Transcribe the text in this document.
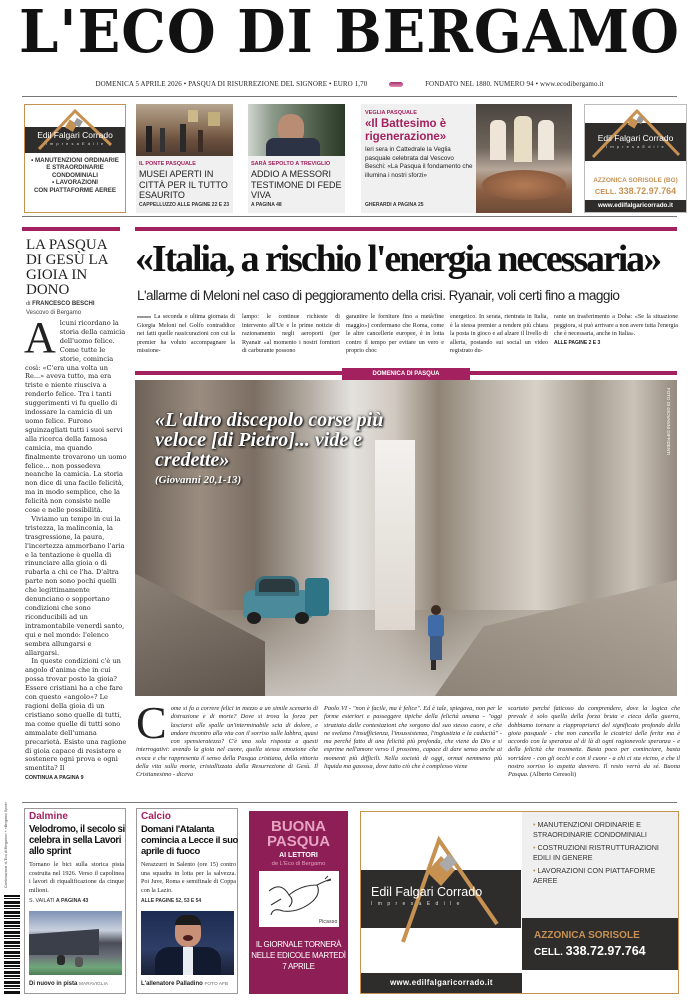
L'ECO DI BERGAMO
DOMENICA 5 APRILE 2026 • PASQUA DI RISURREZIONE DEL SIGNORE • EURO 1,70	FONDATO NEL 1880. NUMERO 94 • www.ecodibergamo.it
Edil Falgari Corrado
I m p r e s a E d i l e
• MANUTENZIONI ORDINARIE
E STRAORDINARIE CONDOMINIALI
• LAVORAZIONI
CON PIATTAFORME AEREE
IL PONTE PASQUALE
MUSEI APERTI IN CITTÀ PER IL TUTTO ESAURITO
CAPPELLUZZO ALLE PAGINE 22 E 23
SARÀ SEPOLTO A TREVIGLIO
ADDIO A MESSORI TESTIMONE DI FEDE VIVA
A PAGINA 48
VEGLIA PASQUALE
«Il Battesimo è rigenerazione»
Ieri sera in Cattedrale la Veglia pasquale celebrata dal Vescovo Beschi: «La Pasqua il fondamento che illumina i nostri sforzi»
GHERARDI A PAGINA 25
Edil Falgari Corrado
I m p r e s a E d i l e
AZZONICA SORISOLE (BG)
CELL. 338.72.97.764
www.edilfalgaricorrado.it
LA PASQUA DI GESÙ LA GIOIA IN DONO
di FRANCESCO BESCHI
Vescovo di Bergamo
A lcuni ricordano la storia della camicia dell'uomo felice. Come tutte le storie, comincia così: «C'era una volta un Re...» aveva tutto, ma era triste e niente riusciva a renderlo felice. Tra i tanti suggerimenti vi fu quello di indossare la camicia di un uomo felice. Furono sguinzagliati tutti i suoi servi alla ricerca della famosa camicia, ma quando finalmente trovarono un uomo felice... non possedeva neanche la camicia. La storia non dice di una facile felicità, ma in modo semplice, che la felicità non consiste nelle cose e nelle possibilità.
Viviamo un tempo in cui la tristezza, la malinconia, la trasgressione, la paura, l'incertezza ammorbano l'aria e la tentazione è quella di rinunciare alla gioia o di rubarla a chi ce l'ha. D'altra parte non sono pochi quelli che legittimamente denunciano o sopportano condizioni che sono riconducibili ad un intramontabile venerdì santo, qui e nel mondo: l'elenco sembra allungarsi e allargarsi.
In queste condizioni c'è un angolo d'anima che in cui possa trovar posto la gioia? Essere cristiani ha a che fare con questo «angolo»? Le ragioni della gioia di un cristiano sono quelle di tutti, ma come quelle di tutti sono ammalate dell'umana precarietà. Esiste una ragione di gioia capace di resistere e sostenere ogni prova e ogni smentita? Il
CONTINUA A PAGINA 9
«Italia, a rischio l'energia necessaria»
L'allarme di Meloni nel caso di peggioramento della crisi. Ryanair, voli certi fino a maggio
La seconda e ultima giornata di Giorgia Meloni nel Golfo contraddice nei fatti quelle rassicurazioni con cui la premier ha voluto accompagnare la missione-
lampo: le continue richieste di intervento all'Ue e le prime notizie di razionamento negli aeroporti (per Ryanair «al momento i nostri fornitori di carburante possono
garantire le forniture fino a metà/fine maggio») confermano che Roma, come le altre cancellerie europee, è in lotta contro il tempo per evitare un vero e proprio choc
energetico. In serata, rientrata in Italia, è la stessa premier a rendere più chiara la posta in gioco e ad alzare il livello di allerta, postando sui social un video registrato du-
rante un trasferimento a Doha: «Se la situazione peggiora, si può arrivare a non avere tutta l'energia che è necessaria, anche in Italia».
ALLE PAGINE 2 E 3
DOMENICA DI PASQUA
«L'altro discepolo corse più veloce [di Pietro]... vide e credette»
(Giovanni 20,1-13)
FOTO DI GIOVANNI DIFFIDENTI
C ome si fa a correre felici in mezzo a un simile scenario di distruzione e di morte? Dove si trova la forza per lasciarsi alle spalle un'interminabile scia di dolore, e andare incontro alla vita con il sorriso sulle labbra, quasi con spensieratezza? C'è una sola risposta a questi interrogativi: avendo la gioia nel cuore, quella stessa emozione che evoca e che rappresenta il senso della Pasqua cristiana, della vittoria della vita sulla morte, cristallizzata dalla Resurrezione di Gesù. Il Cristianesimo - diceva
Paolo VI - "non è facile, ma è felice". Ed è tale, spiegava, non per le forme esteriori e passeggere tipiche della felicità umana - "oggi straziata dalle contestazioni che sorgono dal suo stesso cuore, e che ne svelano l'insufficienza, l'insussistenza, l'ingiustizia e la caducità" - ma perché fatto di una felicità più profonda, che viene da Dio e si esprime nell'amore verso il prossimo, capace di dare senso anche ai momenti più difficili. Nella società di oggi, ormai nemmeno più liquida ma gassosa, dove tutto ciò che è complesso viene
scartato perché faticoso da comprendere, dove la logica che prevale è solo quella della forza bruta e cieca della guerra, dobbiamo tornare a riappropriarci del significato profondo della gioia pasquale - che non cancella le cicatrici delle ferite ma è accordo con la speranza al di là di ogni ragionevole speranza - e della felicità che trasmette. Basta poco per cominciare, basta sorridere - con gli occhi e con il cuore - a chi ci sta vicino, e che il nostro sorriso lo aspetta davvero. Il resto verrà da sé. Buona Pasqua. (Alberto Ceresoli)
Combinazione «L'Eco di Bergamo» + «Bergamo Sport» Dalmine
Velodromo, il secolo si celebra in sella Lavori allo sprint
Tornano le bici sulla storica pista costruita nel 1926. Verso il capolinea i lavori di riqualificazione da cinque milioni.
S. VAILATI A PAGINA 43
Di nuovo in pista MARAVIGLIA
Calcio
Domani l'Atalanta comincia a Lecce il suo aprile di fuoco
Nerazzurri in Salento (ore 15) contro una squadra in lotta per la salvezza. Poi Juve, Roma e semifinale di Coppa con la Lazio.
ALLE PAGINE 52, 53 E 54
L'allenatore Palladino FOTO AFB
BUONA PASQUA
AI LETTORI
de L'Eco di Bergamo
Picasso
IL GIORNALE TORNERÀ NELLE EDICOLE MARTEDÌ 7 APRILE
Edil Falgari Corrado
I m p r e s a E d i l e
• MANUTENZIONI ORDINARIE E STRAORDINARIE CONDOMINIALI
• COSTRUZIONI RISTRUTTURAZIONI EDILI IN GENERE
• LAVORAZIONI CON PIATTAFORME AEREE
AZZONICA SORISOLE
CELL. 338.72.97.764
www.edilfalgaricorrado.it
